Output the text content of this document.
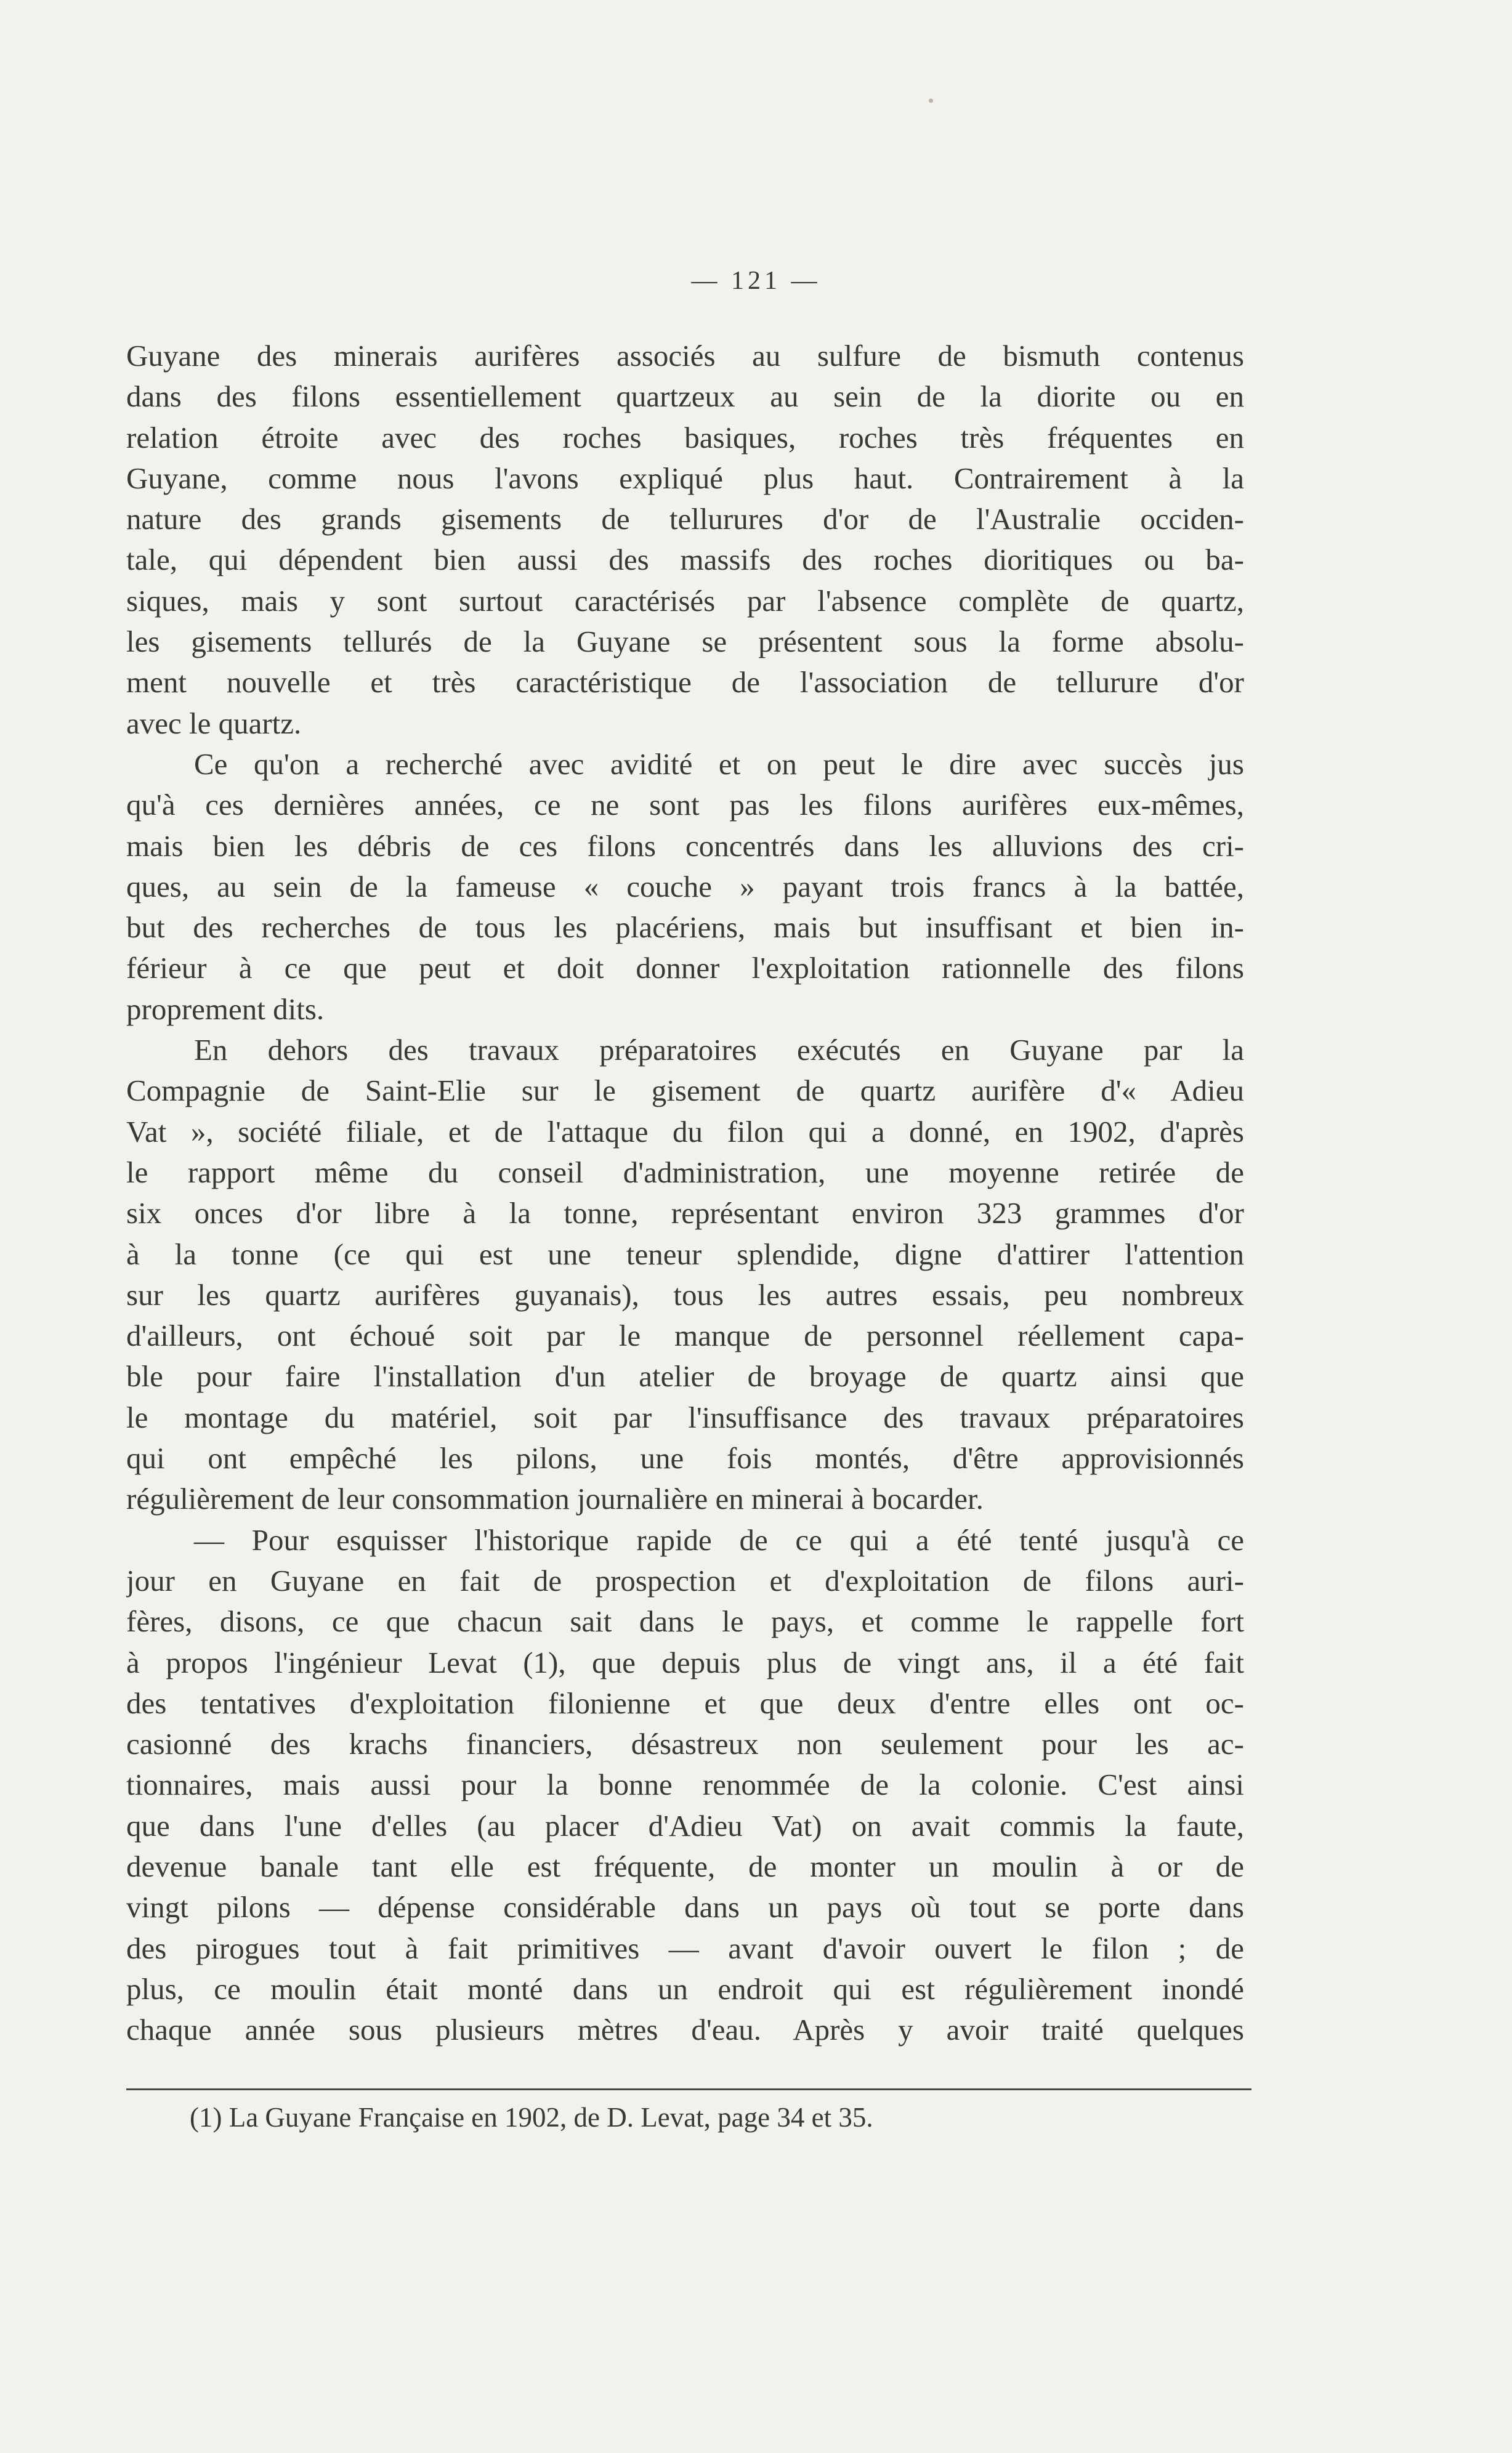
— 121 —
Guyane des minerais aurifères associés au sulfure de bismuth contenus
dans des filons essentiellement quartzeux au sein de la diorite ou en
relation étroite avec des roches basiques, roches très fréquentes en
Guyane, comme nous l'avons expliqué plus haut. Contrairement à la
nature des grands gisements de tellurures d'or de l'Australie occiden-
tale, qui dépendent bien aussi des massifs des roches dioritiques ou ba-
siques, mais y sont surtout caractérisés par l'absence complète de quartz,
les gisements tellurés de la Guyane se présentent sous la forme absolu-
ment nouvelle et très caractéristique de l'association de tellurure d'or
avec le quartz.
Ce qu'on a recherché avec avidité et on peut le dire avec succès jus
qu'à ces dernières années, ce ne sont pas les filons aurifères eux-mêmes,
mais bien les débris de ces filons concentrés dans les alluvions des cri-
ques, au sein de la fameuse « couche » payant trois francs à la battée,
but des recherches de tous les placériens, mais but insuffisant et bien in-
férieur à ce que peut et doit donner l'exploitation rationnelle des filons
proprement dits.
En dehors des travaux préparatoires exécutés en Guyane par la
Compagnie de Saint-Elie sur le gisement de quartz aurifère d'« Adieu
Vat », société filiale, et de l'attaque du filon qui a donné, en 1902, d'après
le rapport même du conseil d'administration, une moyenne retirée de
six onces d'or libre à la tonne, représentant environ 323 grammes d'or
à la tonne (ce qui est une teneur splendide, digne d'attirer l'attention
sur les quartz aurifères guyanais), tous les autres essais, peu nombreux
d'ailleurs, ont échoué soit par le manque de personnel réellement capa-
ble pour faire l'installation d'un atelier de broyage de quartz ainsi que
le montage du matériel, soit par l'insuffisance des travaux préparatoires
qui ont empêché les pilons, une fois montés, d'être approvisionnés
régulièrement de leur consommation journalière en minerai à bocarder.
— Pour esquisser l'historique rapide de ce qui a été tenté jusqu'à ce
jour en Guyane en fait de prospection et d'exploitation de filons auri-
fères, disons, ce que chacun sait dans le pays, et comme le rappelle fort
à propos l'ingénieur Levat (1), que depuis plus de vingt ans, il a été fait
des tentatives d'exploitation filonienne et que deux d'entre elles ont oc-
casionné des krachs financiers, désastreux non seulement pour les ac-
tionnaires, mais aussi pour la bonne renommée de la colonie. C'est ainsi
que dans l'une d'elles (au placer d'Adieu Vat) on avait commis la faute,
devenue banale tant elle est fréquente, de monter un moulin à or de
vingt pilons — dépense considérable dans un pays où tout se porte dans
des pirogues tout à fait primitives — avant d'avoir ouvert le filon ; de
plus, ce moulin était monté dans un endroit qui est régulièrement inondé
chaque année sous plusieurs mètres d'eau. Après y avoir traité quelques
(1) La Guyane Française en 1902, de D. Levat, page 34 et 35.
